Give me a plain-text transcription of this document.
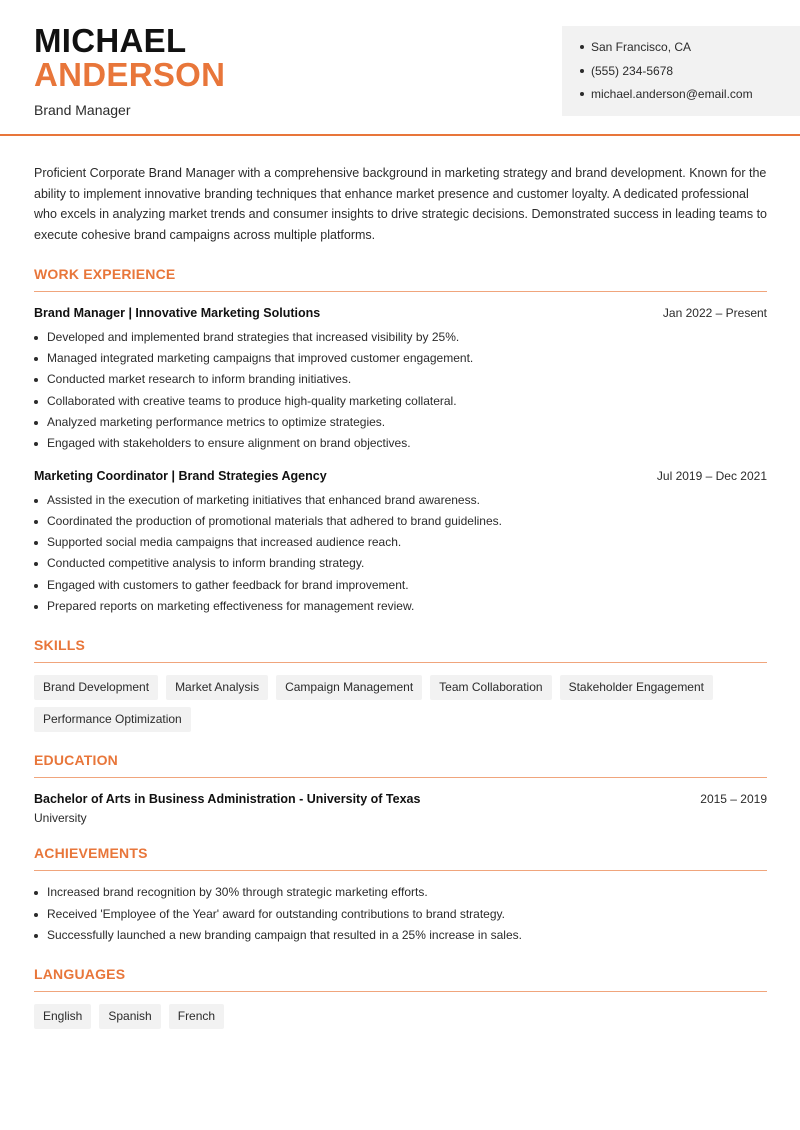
MICHAEL
ANDERSON
Brand Manager
San Francisco, CA
(555) 234-5678
michael.anderson@email.com

Proficient Corporate Brand Manager with a comprehensive background in marketing strategy and brand development. Known for the ability to implement innovative branding techniques that enhance market presence and customer loyalty. A dedicated professional who excels in analyzing market trends and consumer insights to drive strategic decisions. Demonstrated success in leading teams to execute cohesive brand campaigns across multiple platforms.

WORK EXPERIENCE
Brand Manager | Innovative Marketing Solutions	Jan 2022 – Present
Developed and implemented brand strategies that increased visibility by 25%.
Managed integrated marketing campaigns that improved customer engagement.
Conducted market research to inform branding initiatives.
Collaborated with creative teams to produce high-quality marketing collateral.
Analyzed marketing performance metrics to optimize strategies.
Engaged with stakeholders to ensure alignment on brand objectives.
Marketing Coordinator | Brand Strategies Agency	Jul 2019 – Dec 2021
Assisted in the execution of marketing initiatives that enhanced brand awareness.
Coordinated the production of promotional materials that adhered to brand guidelines.
Supported social media campaigns that increased audience reach.
Conducted competitive analysis to inform branding strategy.
Engaged with customers to gather feedback for brand improvement.
Prepared reports on marketing effectiveness for management review.
SKILLS
Brand Development	Market Analysis	Campaign Management	Team Collaboration	Stakeholder Engagement
Performance Optimization
EDUCATION
Bachelor of Arts in Business Administration - University of Texas	2015 – 2019
University
ACHIEVEMENTS
Increased brand recognition by 30% through strategic marketing efforts.
Received 'Employee of the Year' award for outstanding contributions to brand strategy.
Successfully launched a new branding campaign that resulted in a 25% increase in sales.
LANGUAGES
English	Spanish	French
